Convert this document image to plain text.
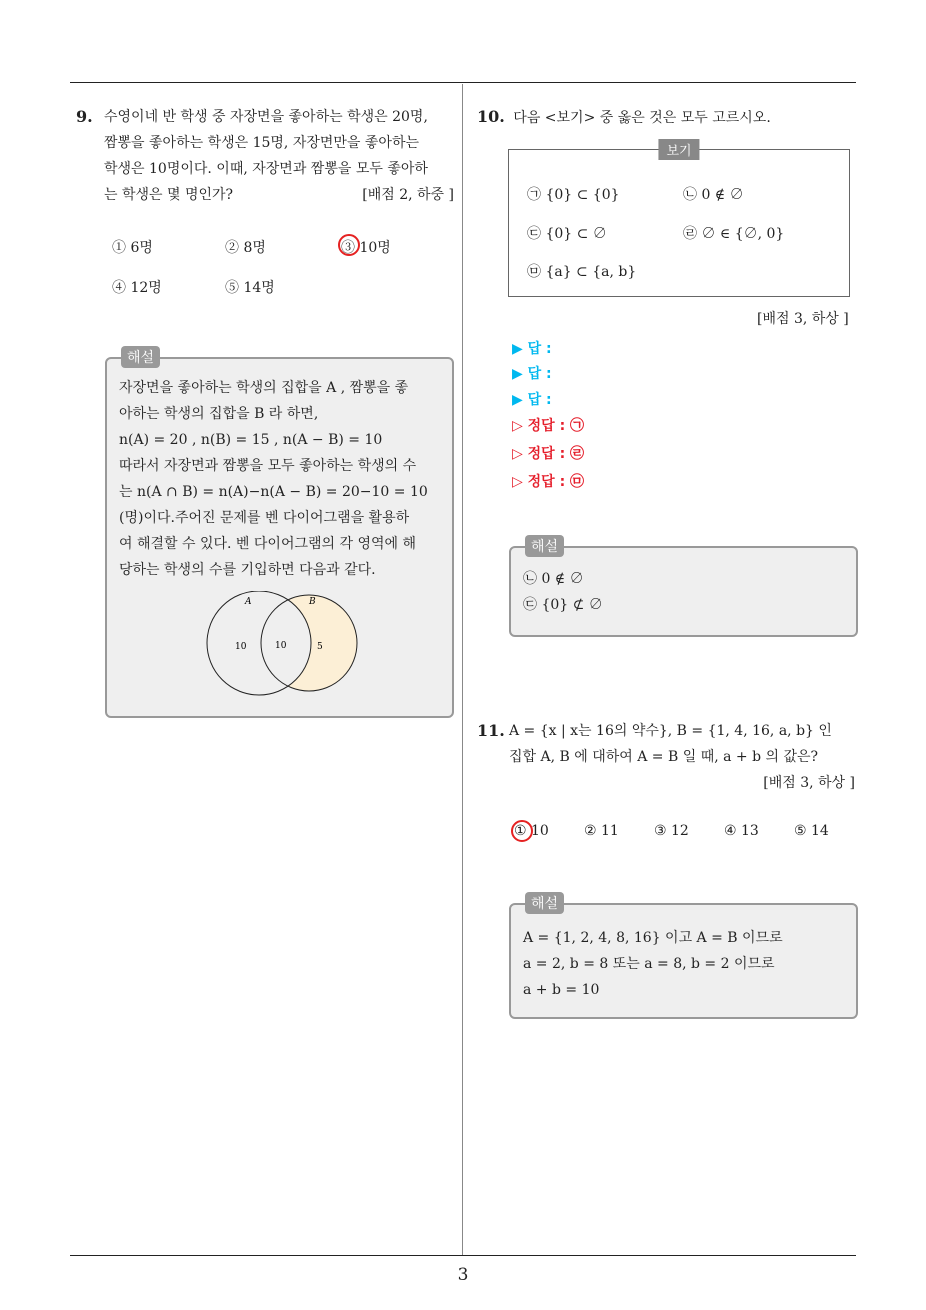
9. 수영이네 반 학생 중 자장면을 좋아하는 학생은 20명,
짬뽕을 좋아하는 학생은 15명, 자장면만을 좋아하는
학생은 10명이다. 이때, 자장면과 짬뽕을 모두 좋아하
는 학생은 몇 명인가?	[배점 2, 하중 ]
① 6명	② 8명	③ 10명
④ 12명	⑤ 14명
해설
자장면을 좋아하는 학생의 집합을 A , 짬뽕을 좋
아하는 학생의 집합을 B 라 하면,
n(A) = 20 , n(B) = 15 , n(A − B) = 10
따라서 자장면과 짬뽕을 모두 좋아하는 학생의 수
는 n(A ∩ B) = n(A)−n(A − B) = 20−10 = 10
(명)이다.주어진 문제를 벤 다이어그램을 활용하
여 해결할 수 있다. 벤 다이어그램의 각 영역에 해
당하는 학생의 수를 기입하면 다음과 같다.
A	B
10	10	5
10. 다음 <보기> 중 옳은 것은 모두 고르시오.
보기
㉠ {0} ⊂ {0}	㉡ 0 ∉ ∅
㉢ {0} ⊂ ∅	㉣ ∅ ∈ {∅, 0}
㉤ {a} ⊂ {a, b}
[배점 3, 하상 ]
▶ 답 :
▶ 답 :
▶ 답 :
▷ 정답 : ㉠
▷ 정답 : ㉣
▷ 정답 : ㉤
해설
㉡ 0 ∉ ∅
㉢ {0} ⊄ ∅
11. A = {x | x는 16의 약수}, B = {1, 4, 16, a, b} 인
집합 A, B 에 대하여 A = B 일 때, a + b 의 값은?
[배점 3, 하상 ]
① 10	② 11	③ 12	④ 13	⑤ 14
해설
A = {1, 2, 4, 8, 16} 이고 A = B 이므로
a = 2, b = 8 또는 a = 8, b = 2 이므로
a + b = 10
3
